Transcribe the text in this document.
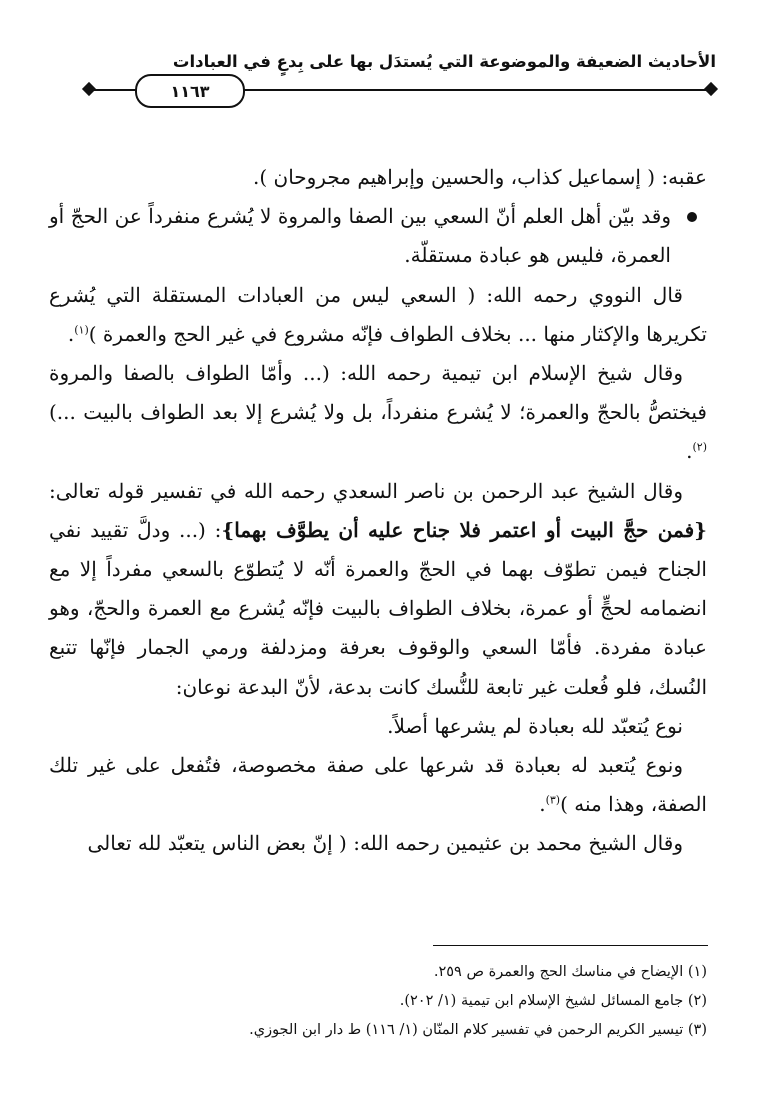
١١٦٣
الأحاديث الضعيفة والموضوعة التي يُستدَل بها على بِدعٍ في العبادات

عقبه: ( إسماعيل كذاب، والحسين وإبراهيم مجروحان ).

وقد بيّن أهل العلم أنّ السعي بين الصفا والمروة لا يُشرع منفرداً عن الحجّ أو العمرة، فليس هو عبادة مستقلّة.

قال النووي رحمه الله: ( السعي ليس من العبادات المستقلة التي يُشرع تكريرها والإكثار منها ... بخلاف الطواف فإنّه مشروع في غير الحج والعمرة )$^{(١)}$.

وقال شيخ الإسلام ابن تيمية رحمه الله: (... وأمّا الطواف بالصفا والمروة فيختصُّ بالحجّ والعمرة؛ لا يُشرع منفرداً، بل ولا يُشرع إلا بعد الطواف بالبيت ...)$^{(٢)}$.

وقال الشيخ عبد الرحمن بن ناصر السعدي رحمه الله في تفسير قوله تعالى: {فمن حجَّ البيت أو اعتمر فلا جناح عليه أن يطوَّف بهما}: (... ودلَّ تقييد نفي الجناح فيمن تطوّف بهما في الحجّ والعمرة أنّه لا يُتطوّع بالسعي مفرداً إلا مع انضمامه لحجٍّ أو عمرة، بخلاف الطواف بالبيت فإنّه يُشرع مع العمرة والحجّ، وهو عبادة مفردة. فأمّا السعي والوقوف بعرفة ومزدلفة ورمي الجمار فإنّها تتبع النُسك، فلو فُعلت غير تابعة للنُّسك كانت بدعة، لأنّ البدعة نوعان:

نوع يُتعبّد لله بعبادة لم يشرعها أصلاً.

ونوع يُتعبد له بعبادة قد شرعها على صفة مخصوصة، فتُفعل على غير تلك الصفة، وهذا منه )$^{(٣)}$.

وقال الشيخ محمد بن عثيمين رحمه الله: ( إنّ بعض الناس يتعبّد لله تعالى

(١) الإيضاح في مناسك الحج والعمرة ص ٢٥٩.

(٢) جامع المسائل لشيخ الإسلام ابن تيمية (١/ ٢٠٢).

(٣) تيسير الكريم الرحمن في تفسير كلام المنّان (١/ ١١٦) ط دار ابن الجوزي.
